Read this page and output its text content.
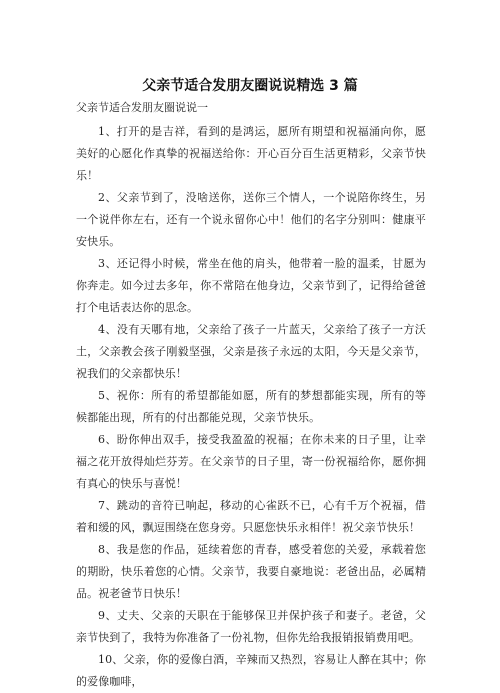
父亲节适合发朋友圈说说精选 3 篇

父亲节适合发朋友圈说说一

1、打开的是吉祥，看到的是鸿运，愿所有期望和祝福涌向你，愿美好的心愿化作真挚的祝福送给你：开心百分百生活更精彩，父亲节快乐！

2、父亲节到了，没啥送你，送你三个情人，一个说陪你终生，另一个说伴你左右，还有一个说永留你心中！他们的名字分别叫：健康平安快乐。

3、还记得小时候，常坐在他的肩头，他带着一脸的温柔，甘愿为你奔走。如今过去多年，你不常陪在他身边，父亲节到了，记得给爸爸打个电话表达你的思念。

4、没有天哪有地，父亲给了孩子一片蓝天，父亲给了孩子一方沃土，父亲教会孩子刚毅坚强，父亲是孩子永远的太阳，今天是父亲节，祝我们的父亲都快乐！

5、祝你：所有的希望都能如愿，所有的梦想都能实现，所有的等候都能出现，所有的付出都能兑现，父亲节快乐。

6、盼你伸出双手，接受我盈盈的祝福；在你未来的日子里，让幸福之花开放得灿烂芬芳。在父亲节的日子里，寄一份祝福给你，愿你拥有真心的快乐与喜悦！

7、跳动的音符已响起，移动的心雀跃不已，心有千万个祝福，借着和缓的风，飘逗围绕在您身旁。只愿您快乐永相伴！祝父亲节快乐！

8、我是您的作品，延续着您的青春，感受着您的关爱，承载着您的期盼，快乐着您的心情。父亲节，我要自豪地说：老爸出品，必属精品。祝老爸节日快乐！

9、丈夫、父亲的天职在于能够保卫并保护孩子和妻子。老爸，父亲节快到了，我特为你准备了一份礼物，但你先给我报销报销费用吧。

10、父亲，你的爱像白酒，辛辣而又热烈，容易让人醉在其中；你的爱像咖啡，
